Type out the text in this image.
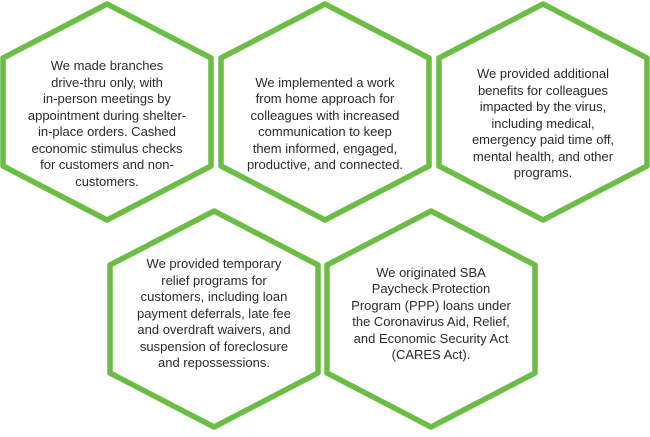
We made branches
drive-thru only, with
in-person meetings by
appointment during shelter-
in-place orders. Cashed
economic stimulus checks
for customers and non-
customers.
We implemented a work
from home approach for
colleagues with increased
communication to keep
them informed, engaged,
productive, and connected.
We provided additional
benefits for colleagues
impacted by the virus,
including medical,
emergency paid time off,
mental health, and other
programs.
We provided temporary
relief programs for
customers, including loan
payment deferrals, late fee
and overdraft waivers, and
suspension of foreclosure
and repossessions.
We originated SBA
Paycheck Protection
Program (PPP) loans under
the Coronavirus Aid, Relief,
and Economic Security Act
(CARES Act).
